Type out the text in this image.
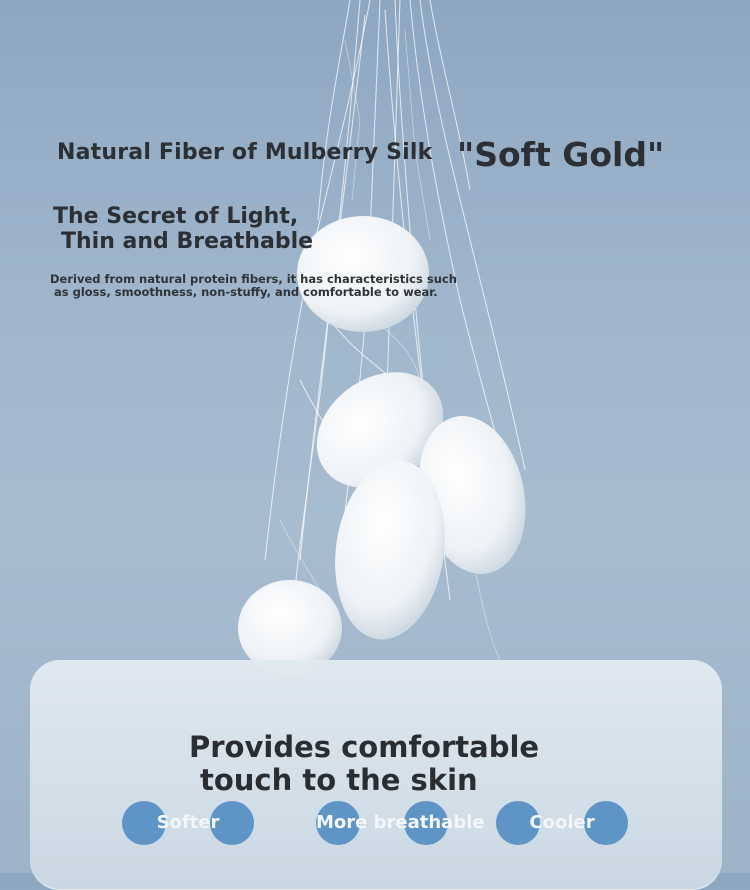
Natural Fiber of Mulberry Silk "Soft Gold"
The Secret of Light,
Thin and Breathable
Derived from natural protein fibers, it has characteristics such
as gloss, smoothness, non-stuffy, and comfortable to wear.
Provides comfortable
touch to the skin
Softer	More breathable	Cooler
